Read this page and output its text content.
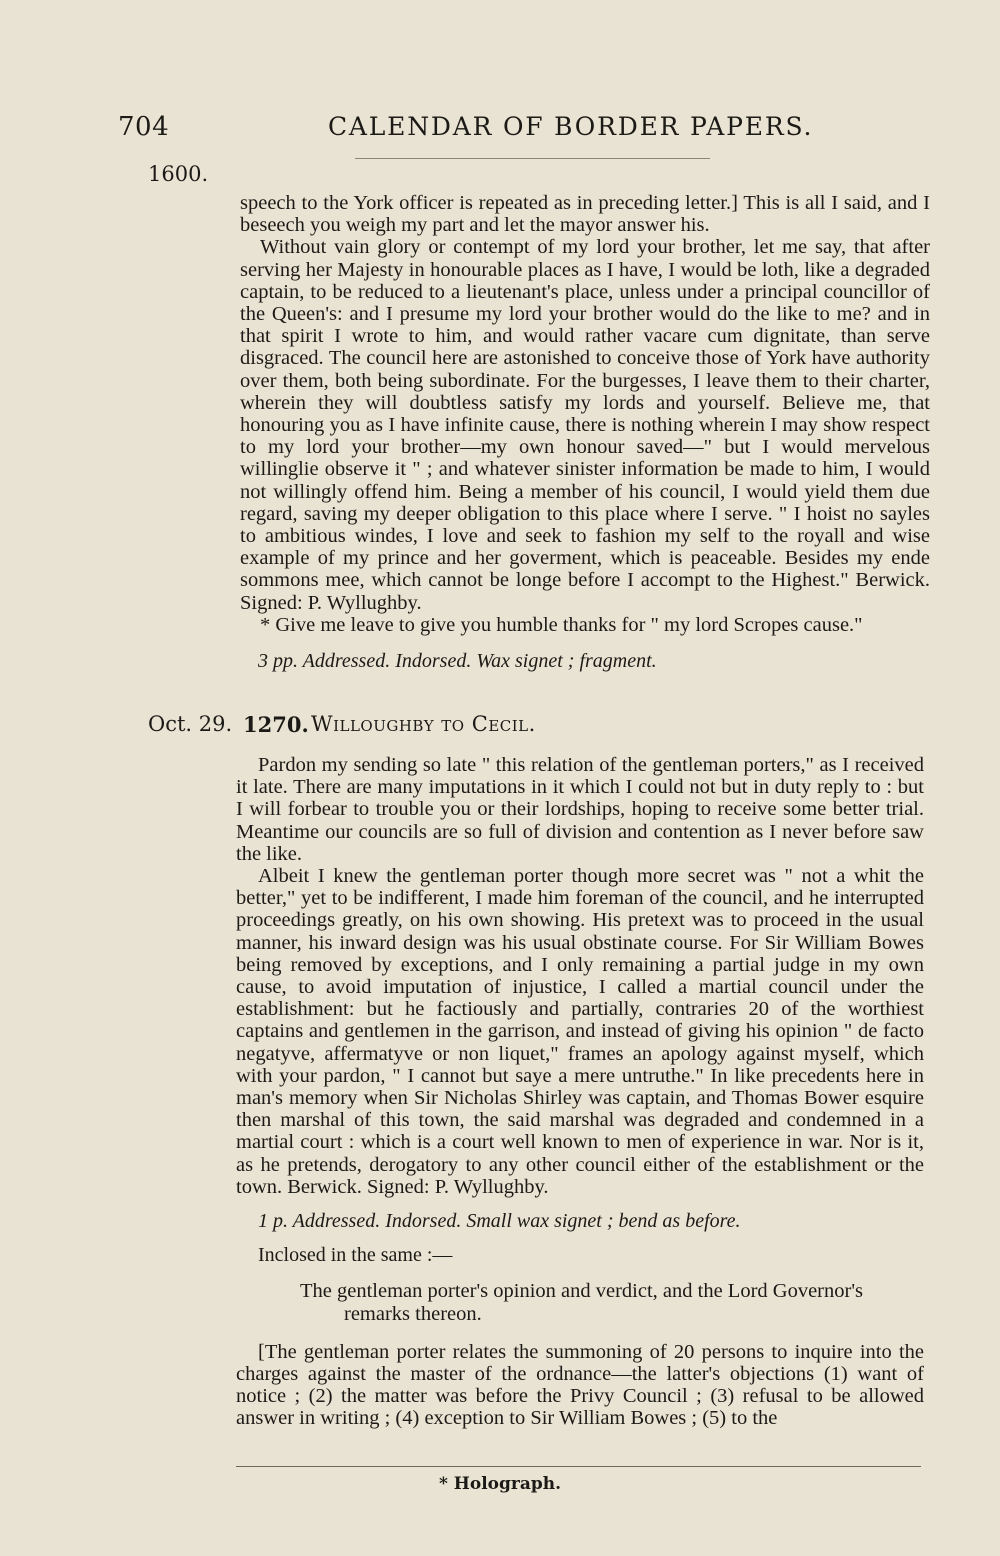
704	CALENDAR OF BORDER PAPERS.
1600.

speech to the York officer is repeated as in preceding letter.] This is all I said, and I beseech you weigh my part and let the mayor answer his.

Without vain glory or contempt of my lord your brother, let me say, that after serving her Majesty in honourable places as I have, I would be loth, like a degraded captain, to be reduced to a lieutenant's place, unless under a principal councillor of the Queen's: and I presume my lord your brother would do the like to me? and in that spirit I wrote to him, and would rather vacare cum dignitate, than serve disgraced. The council here are astonished to conceive those of York have authority over them, both being subordinate. For the burgesses, I leave them to their charter, wherein they will doubtless satisfy my lords and yourself. Believe me, that honouring you as I have infinite cause, there is nothing wherein I may show respect to my lord your brother—my own honour saved—" but I would mervelous willinglie observe it " ; and whatever sinister information be made to him, I would not willingly offend him. Being a member of his council, I would yield them due regard, saving my deeper obligation to this place where I serve. " I hoist no sayles to ambitious windes, I love and seek to fashion my self to the royall and wise example of my prince and her goverment, which is peaceable. Besides my ende sommons mee, which cannot be longe before I accompt to the Highest." Berwick. Signed: P. Wyllughby.

* Give me leave to give you humble thanks for " my lord Scropes cause."

3 pp. Addressed. Indorsed. Wax signet ; fragment.

Oct. 29. 1270. Willoughby to Cecil.

Pardon my sending so late " this relation of the gentleman porters," as I received it late. There are many imputations in it which I could not but in duty reply to : but I will forbear to trouble you or their lordships, hoping to receive some better trial. Meantime our councils are so full of division and contention as I never before saw the like.

Albeit I knew the gentleman porter though more secret was " not a whit the better," yet to be indifferent, I made him foreman of the council, and he interrupted proceedings greatly, on his own showing. His pretext was to proceed in the usual manner, his inward design was his usual obstinate course. For Sir William Bowes being removed by exceptions, and I only remaining a partial judge in my own cause, to avoid imputation of injustice, I called a martial council under the establishment: but he factiously and partially, contraries 20 of the worthiest captains and gentlemen in the garrison, and instead of giving his opinion " de facto negatyve, affermatyve or non liquet," frames an apology against myself, which with your pardon, " I cannot but saye a mere untruthe." In like precedents here in man's memory when Sir Nicholas Shirley was captain, and Thomas Bower esquire then marshal of this town, the said marshal was degraded and condemned in a martial court : which is a court well known to men of experience in war. Nor is it, as he pretends, derogatory to any other council either of the establishment or the town. Berwick. Signed: P. Wyllughby.

1 p. Addressed. Indorsed. Small wax signet ; bend as before.

Inclosed in the same :—

The gentleman porter's opinion and verdict, and the Lord Governor's
remarks thereon.

[The gentleman porter relates the summoning of 20 persons to inquire into the charges against the master of the ordnance—the latter's objections (1) want of notice ; (2) the matter was before the Privy Council ; (3) refusal to be allowed answer in writing ; (4) exception to Sir William Bowes ; (5) to the

* Holograph.
